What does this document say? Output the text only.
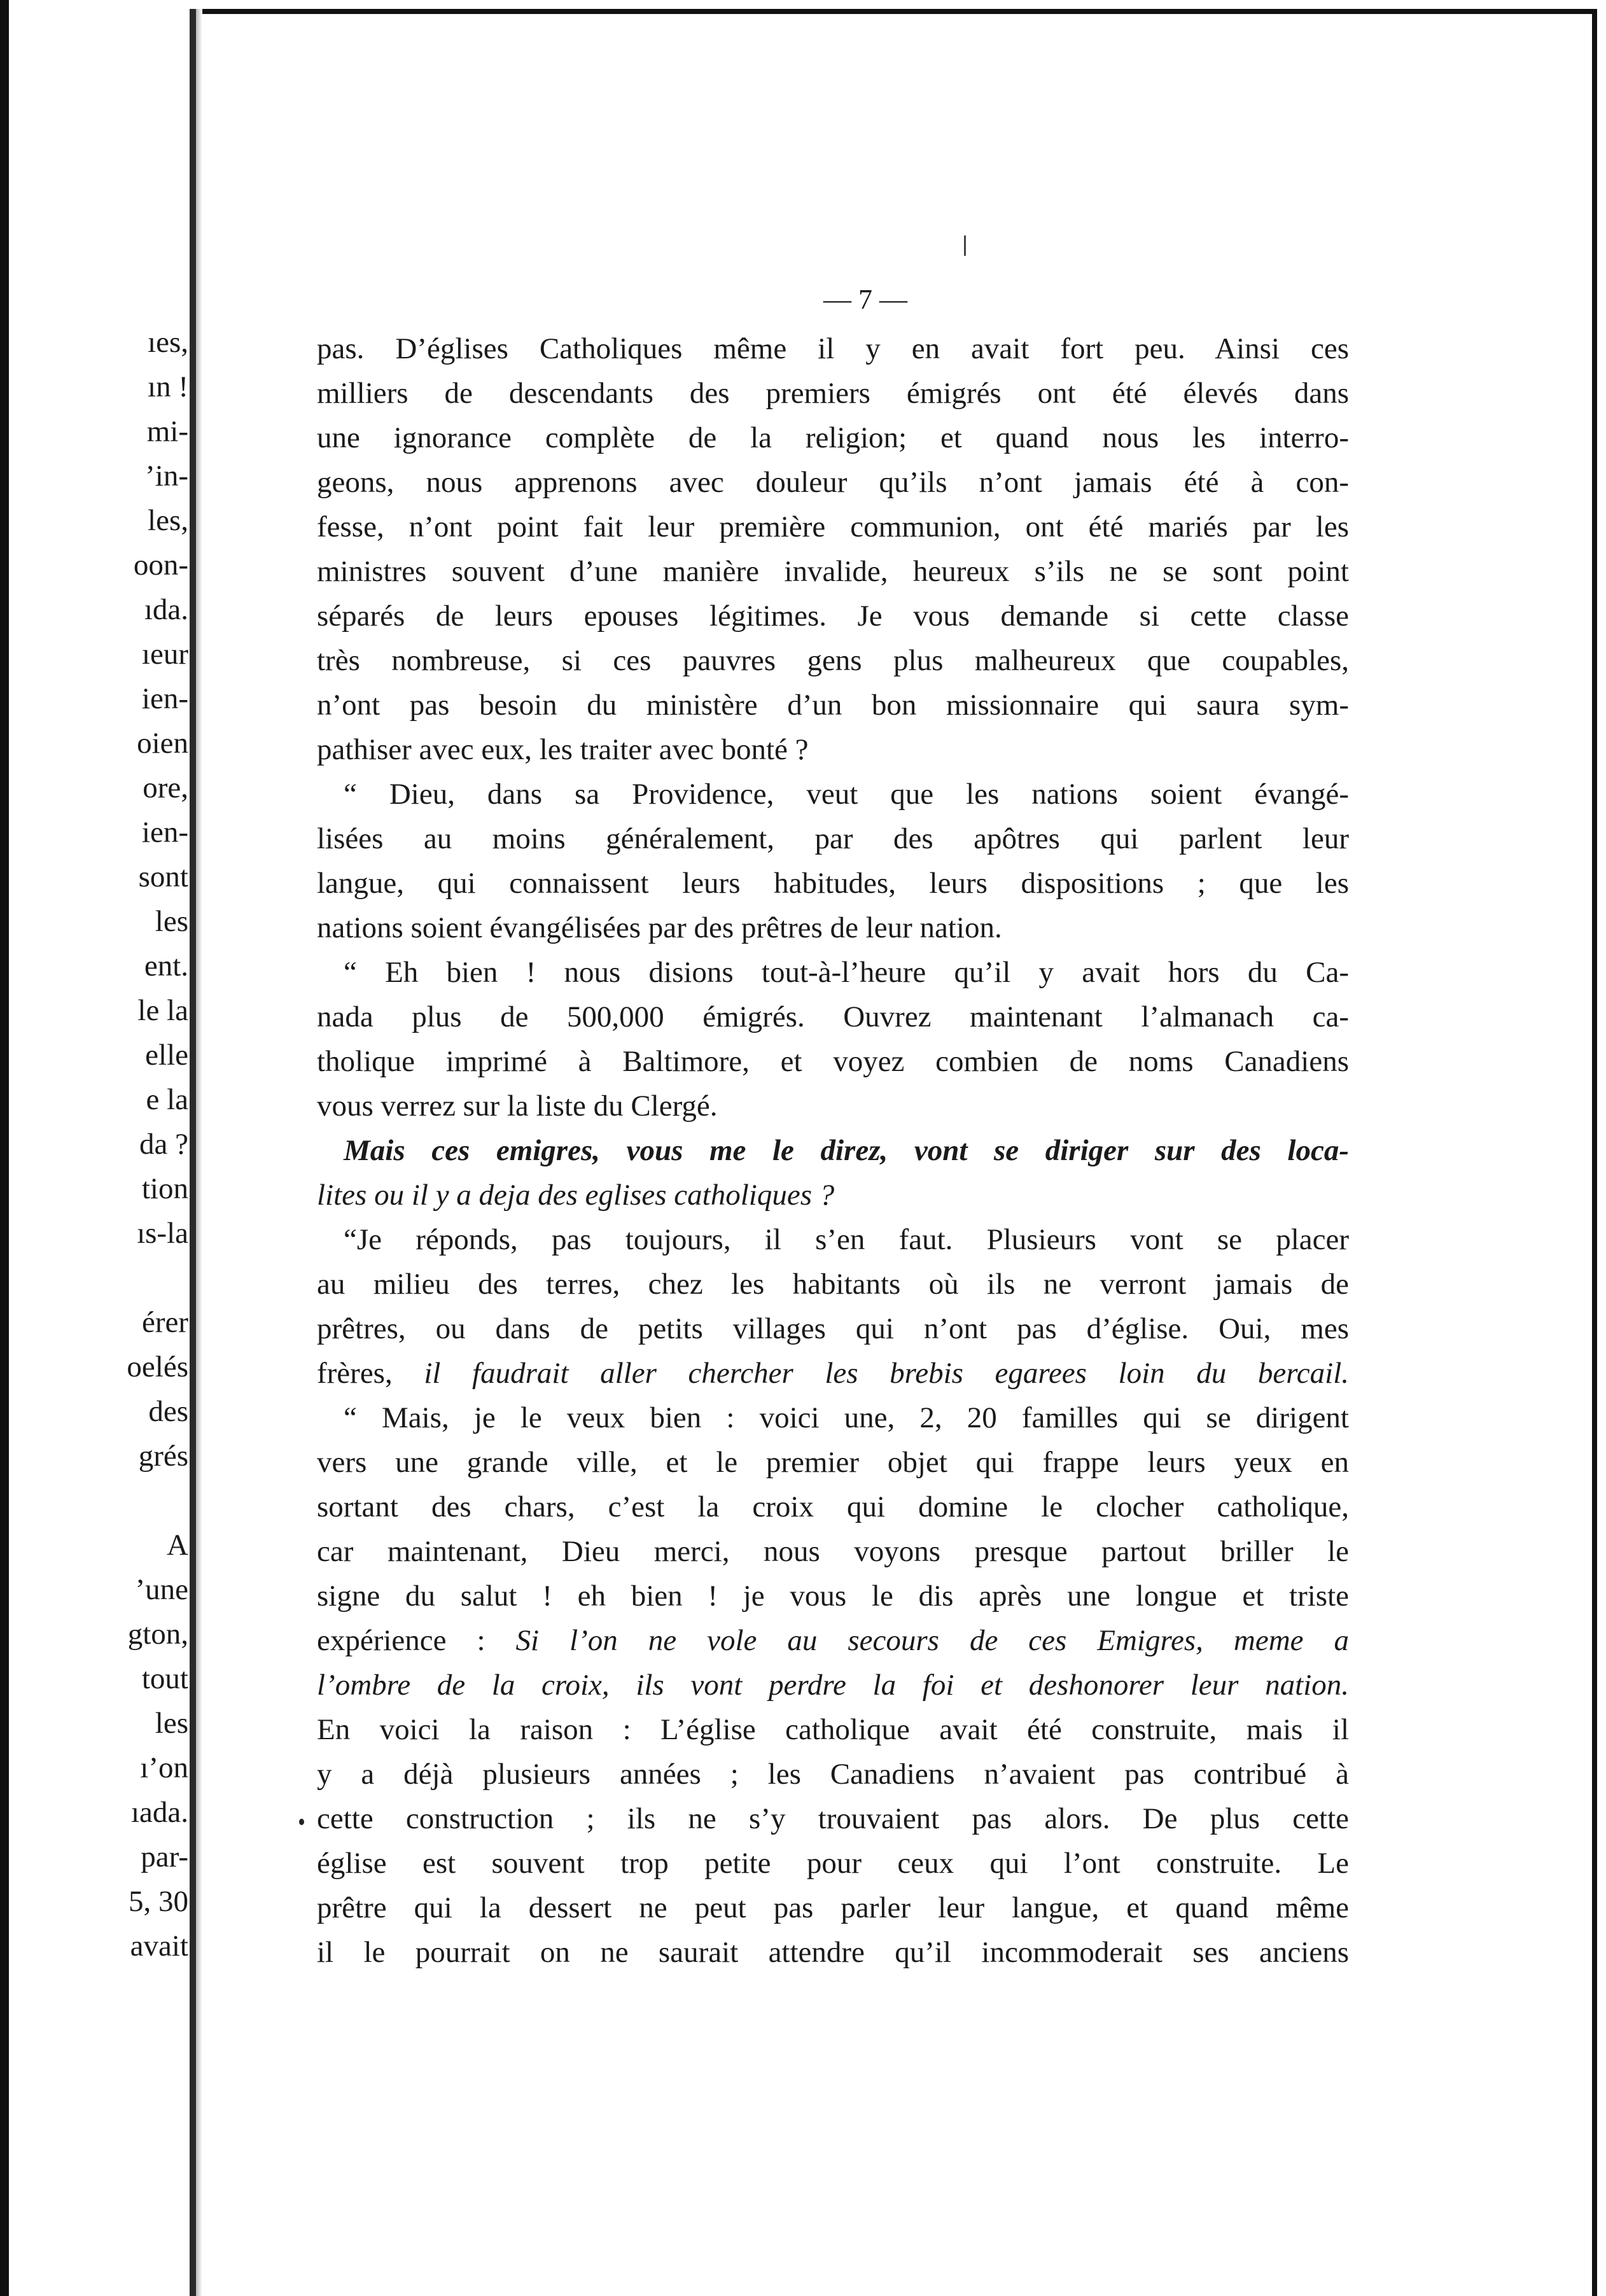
ıes,
ın !
mi-
’in-
les,
oon-
ıda.
ıeur
ien-
oien
ore,
ien-
sont
les
ent.
le la
elle
e la
da ?
tion
ıs-la
érer
oelés
des
grés
A
’une
gton,
tout
les
ı’on
ıada.
par-
5, 30
avait
— 7 —
pas. D’églises Catholiques même il y en avait fort peu. Ainsi ces
milliers de descendants des premiers émigrés ont été élevés dans
une ignorance complète de la religion; et quand nous les interro-
geons, nous apprenons avec douleur qu’ils n’ont jamais été à con-
fesse, n’ont point fait leur première communion, ont été mariés par les
ministres souvent d’une manière invalide, heureux s’ils ne se sont point
séparés de leurs epouses légitimes. Je vous demande si cette classe
très nombreuse, si ces pauvres gens plus malheureux que coupables,
n’ont pas besoin du ministère d’un bon missionnaire qui saura sym-
pathiser avec eux, les traiter avec bonté ?
“ Dieu, dans sa Providence, veut que les nations soient évangé-
lisées au moins généralement, par des apôtres qui parlent leur
langue, qui connaissent leurs habitudes, leurs dispositions ; que les
nations soient évangélisées par des prêtres de leur nation.
“ Eh bien ! nous disions tout-à-l’heure qu’il y avait hors du Ca-
nada plus de 500,000 émigrés. Ouvrez maintenant l’almanach ca-
tholique imprimé à Baltimore, et voyez combien de noms Canadiens
vous verrez sur la liste du Clergé.
Mais ces emigres, vous me le direz, vont se diriger sur des loca-
lites ou il y a deja des eglises catholiques ?
“Je réponds, pas toujours, il s’en faut. Plusieurs vont se placer
au milieu des terres, chez les habitants où ils ne verront jamais de
prêtres, ou dans de petits villages qui n’ont pas d’église. Oui, mes
frères, il faudrait aller chercher les brebis egarees loin du bercail.
“ Mais, je le veux bien : voici une, 2, 20 familles qui se dirigent
vers une grande ville, et le premier objet qui frappe leurs yeux en
sortant des chars, c’est la croix qui domine le clocher catholique,
car maintenant, Dieu merci, nous voyons presque partout briller le
signe du salut ! eh bien ! je vous le dis après une longue et triste
expérience : Si l’on ne vole au secours de ces Emigres, meme a
l’ombre de la croix, ils vont perdre la foi et deshonorer leur nation.
En voici la raison : L’église catholique avait été construite, mais il
y a déjà plusieurs années ; les Canadiens n’avaient pas contribué à
cette construction ; ils ne s’y trouvaient pas alors. De plus cette
église est souvent trop petite pour ceux qui l’ont construite. Le
prêtre qui la dessert ne peut pas parler leur langue, et quand même
il le pourrait on ne saurait attendre qu’il incommoderait ses anciens
